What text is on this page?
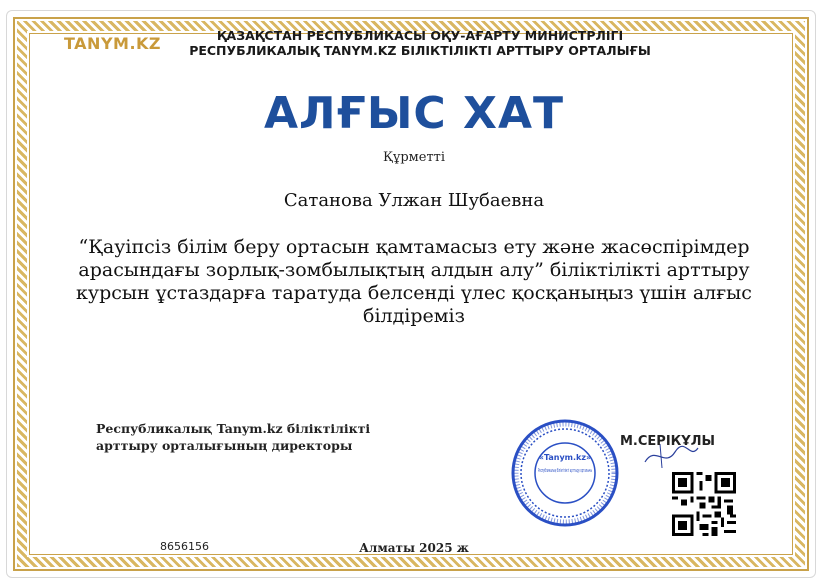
TANYM.KZ	ҚАЗАҚСТАН РЕСПУБЛИКАСЫ ОҚУ-АҒАРТУ МИНИСТРЛІГІ
РЕСПУБЛИКАЛЫҚ TANYM.KZ БІЛІКТІЛІКТІ АРТТЫРУ ОРТАЛЫҒЫ
АЛҒЫС ХАТ
Құрметті
Сатанова Улжан Шубаевна
“Қауіпсіз білім беру ортасын қамтамасыз ету және жасөспірімдер арасындағы зорлық-зомбылықтың алдын алу” біліктілікті арттыру курсын ұстаздарға таратуда белсенді үлес қосқаныңыз үшін алғыс білдіреміз
Республикалық Tanym.kz біліктілікті
арттыру орталығының директоры
«Tanym.kz»
Республикалық біліктілікті арттыру орталығы
М.СЕРІКҰЛЫ
8656156	Алматы 2025 ж
